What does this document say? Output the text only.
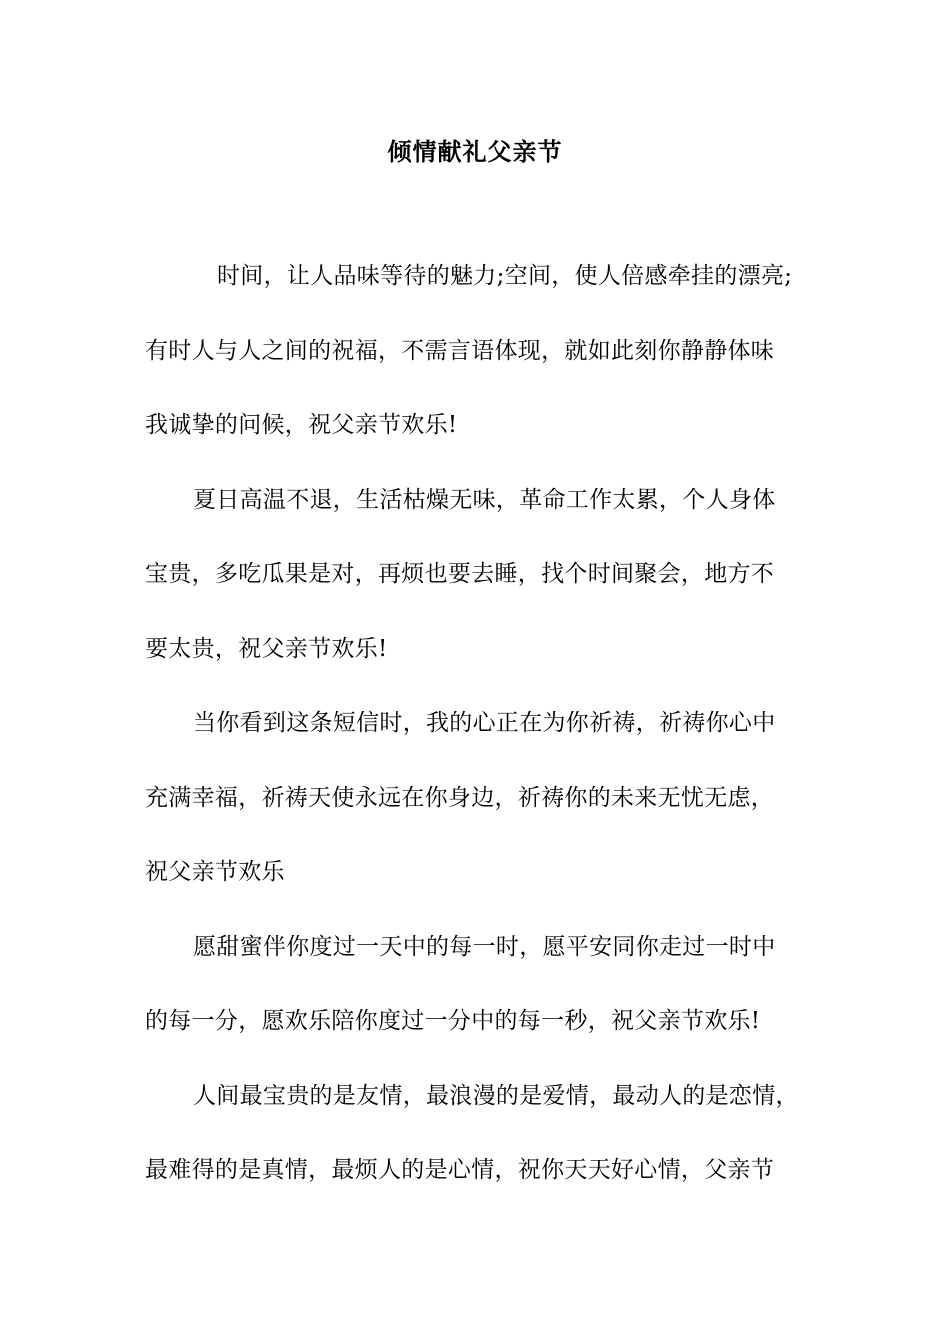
倾情献礼父亲节
时间，让人品味等待的魅力;空间，使人倍感牵挂的漂亮;
有时人与人之间的祝福，不需言语体现，就如此刻你静静体味
我诚挚的问候，祝父亲节欢乐!
夏日高温不退，生活枯燥无味，革命工作太累，个人身体
宝贵，多吃瓜果是对，再烦也要去睡，找个时间聚会，地方不
要太贵，祝父亲节欢乐!
当你看到这条短信时，我的心正在为你祈祷，祈祷你心中
充满幸福，祈祷天使永远在你身边，祈祷你的未来无忧无虑，
祝父亲节欢乐
愿甜蜜伴你度过一天中的每一时，愿平安同你走过一时中
的每一分，愿欢乐陪你度过一分中的每一秒，祝父亲节欢乐!
人间最宝贵的是友情，最浪漫的是爱情，最动人的是恋情，
最难得的是真情，最烦人的是心情，祝你天天好心情，父亲节
